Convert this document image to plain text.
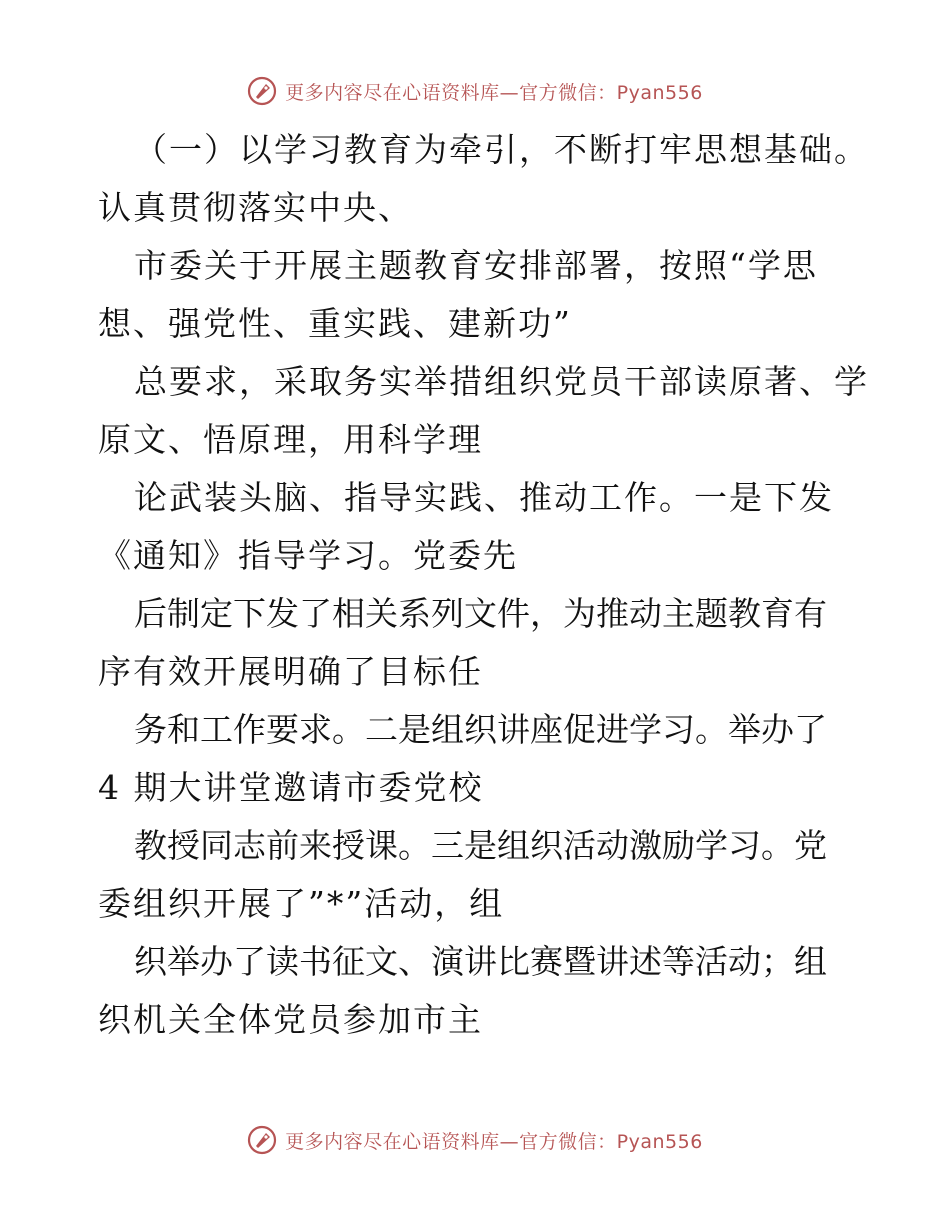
更多内容尽在心语资料库—官方微信：Pyan556
（一）以学习教育为牵引，不断打牢思想基础。
认真贯彻落实中央、
市委关于开展主题教育安排部署，按照“学思
想、强党性、重实践、建新功”
总要求，采取务实举措组织党员干部读原著、学
原文、悟原理，用科学理
论武装头脑、指导实践、推动工作。一是下发
《通知》指导学习。党委先
后制定下发了相关系列文件，为推动主题教育有
序有效开展明确了目标任
务和工作要求。二是组织讲座促进学习。举办了
4 期大讲堂邀请市委党校
教授同志前来授课。三是组织活动激励学习。党
委组织开展了”*”活动，组
织举办了读书征文、演讲比赛暨讲述等活动；组
织机关全体党员参加市主
更多内容尽在心语资料库—官方微信：Pyan556
